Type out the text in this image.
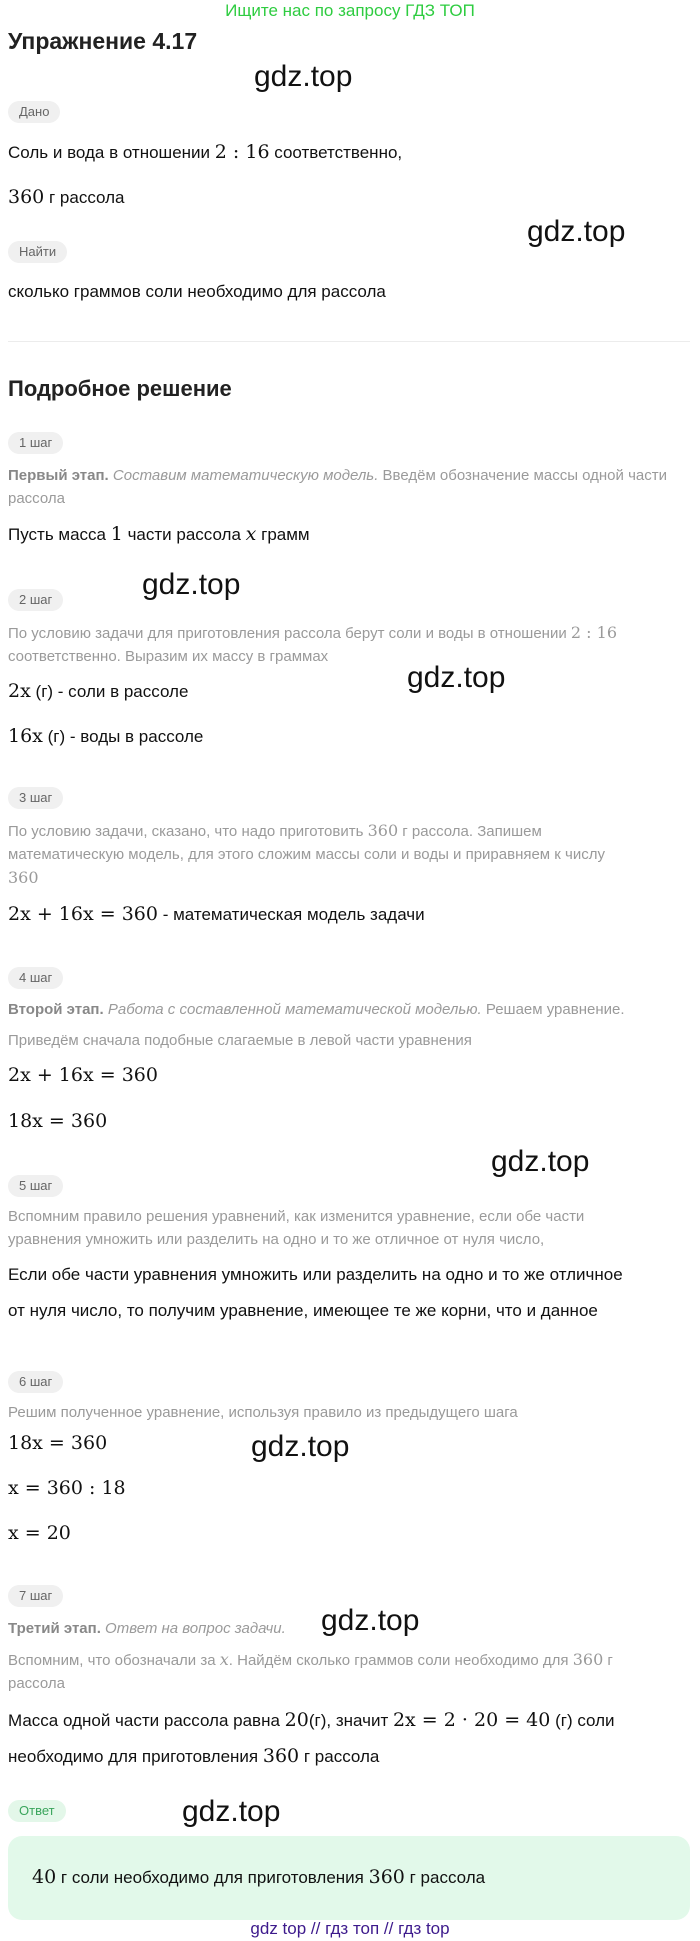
Ищите нас по запросу ГДЗ ТОП
Упражнение 4.17
gdz.top
gdz.top
gdz.top
gdz.top
gdz.top
gdz.top
gdz.top
gdz.top
Дано
Соль и вода в отношении 2 : 16 соответственно,
360 г рассола
Найти
сколько граммов соли необходимо для рассола
Подробное решение
1 шаг
Первый этап. Составим математическую модель. Введём обозначение массы одной части рассола
Пусть масса 1 части рассола x грамм
2 шаг
По условию задачи для приготовления рассола берут соли и воды в отношении 2 : 16
соответственно. Выразим их массу в граммах
2x (г) - соли в рассоле
16x (г) - воды в рассоле
3 шаг
По условию задачи, сказано, что надо приготовить 360 г рассола. Запишем
математическую модель, для этого сложим массы соли и воды и приравняем к числу
360
2x + 16x = 360 - математическая модель задачи
4 шаг
Второй этап. Работа с составленной математической моделью. Решаем уравнение.
Приведём сначала подобные слагаемые в левой части уравнения
2x + 16x = 360
18x = 360
5 шаг
Вспомним правило решения уравнений, как изменится уравнение, если обе части
уравнения умножить или разделить на одно и то же отличное от нуля число,
Если обе части уравнения умножить или разделить на одно и то же отличное
от нуля число, то получим уравнение, имеющее те же корни, что и данное
6 шаг
Решим полученное уравнение, используя правило из предыдущего шага
18x = 360
x = 360 : 18
x = 20
7 шаг
Третий этап. Ответ на вопрос задачи.
Вспомним, что обозначали за x. Найдём сколько граммов соли необходимо для 360 г
рассола
Масса одной части рассола равна 20(г), значит 2x = 2 · 20 = 40 (г) соли
необходимо для приготовления 360 г рассола
Ответ
40 г соли необходимо для приготовления 360 г рассола
gdz top // гдз топ // гдз top
